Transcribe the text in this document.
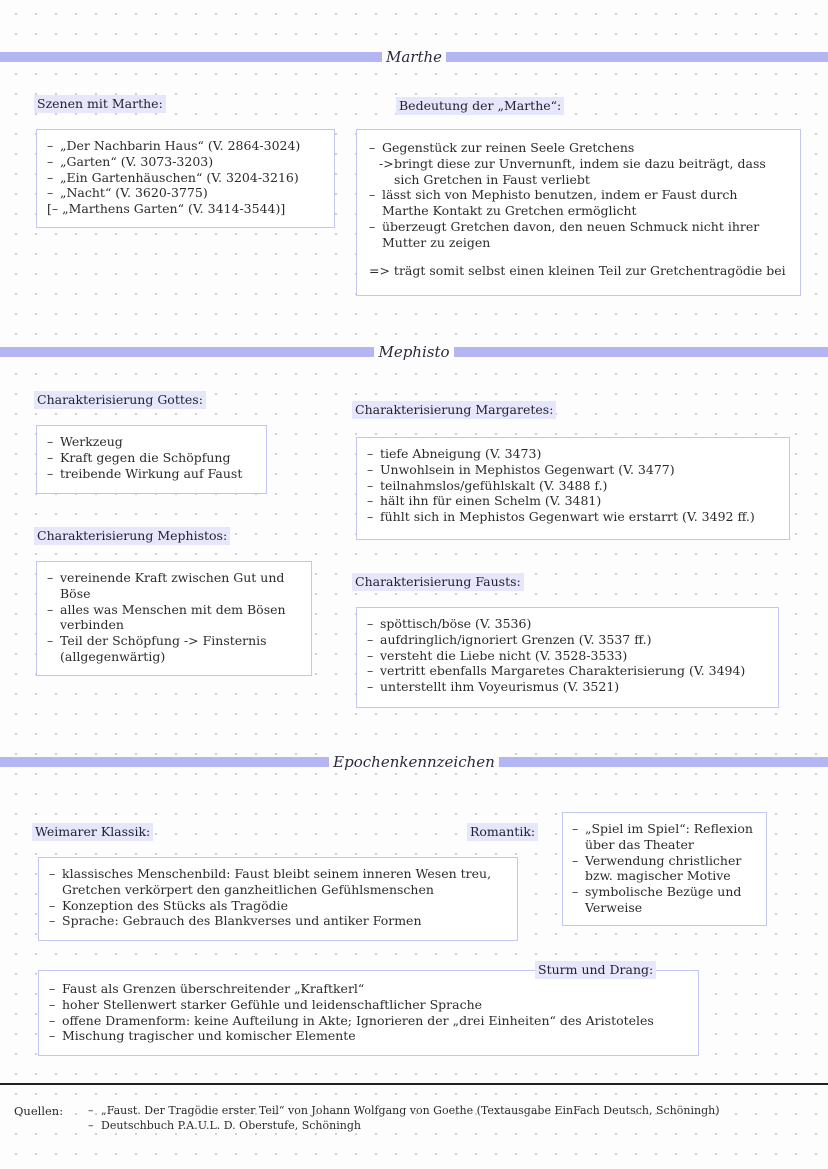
Marthe
Szenen mit Marthe:
– „Der Nachbarin Haus“ (V. 2864-3024)
– „Garten“ (V. 3073-3203)
– „Ein Gartenhäuschen“ (V. 3204-3216)
– „Nacht“ (V. 3620-3775)
[– „Marthens Garten“ (V. 3414-3544)]
Bedeutung der „Marthe“:
– Gegenstück zur reinen Seele Gretchens
-> bringt diese zur Unvernunft, indem sie dazu beiträgt, dass sich Gretchen in Faust verliebt
– lässt sich von Mephisto benutzen, indem er Faust durch Marthe Kontakt zu Gretchen ermöglicht
– überzeugt Gretchen davon, den neuen Schmuck nicht ihrer Mutter zu zeigen
=> trägt somit selbst einen kleinen Teil zur Gretchentragödie bei
Mephisto
Charakterisierung Gottes:
– Werkzeug
– Kraft gegen die Schöpfung
– treibende Wirkung auf Faust
Charakterisierung Mephistos:
– vereinende Kraft zwischen Gut und Böse
– alles was Menschen mit dem Bösen verbinden
– Teil der Schöpfung -> Finsternis (allgegenwärtig)
Charakterisierung Margaretes:
– tiefe Abneigung (V. 3473)
– Unwohlsein in Mephistos Gegenwart (V. 3477)
– teilnahmslos/gefühlskalt (V. 3488 f.)
– hält ihn für einen Schelm (V. 3481)
– fühlt sich in Mephistos Gegenwart wie erstarrt (V. 3492 ff.)
Charakterisierung Fausts:
– spöttisch/böse (V. 3536)
– aufdringlich/ignoriert Grenzen (V. 3537 ff.)
– versteht die Liebe nicht (V. 3528-3533)
– vertritt ebenfalls Margaretes Charakterisierung (V. 3494)
– unterstellt ihm Voyeurismus (V. 3521)
Epochenkennzeichen
Weimarer Klassik:
– klassisches Menschenbild: Faust bleibt seinem inneren Wesen treu, Gretchen verkörpert den ganzheitlichen Gefühlsmenschen
– Konzeption des Stücks als Tragödie
– Sprache: Gebrauch des Blankverses und antiker Formen
Romantik:	– „Spiel im Spiel“: Reflexion über das Theater
– Verwendung christlicher bzw. magischer Motive
– symbolische Bezüge und Verweise
– Faust als Grenzen überschreitender „Kraftkerl“
– hoher Stellenwert starker Gefühle und leidenschaftlicher Sprache
– offene Dramenform: keine Aufteilung in Akte; Ignorieren der „drei Einheiten“ des Aristoteles
– Mischung tragischer und komischer Elemente
Sturm und Drang:
Quellen:	– „Faust. Der Tragödie erster Teil“ von Johann Wolfgang von Goethe (Textausgabe EinFach Deutsch, Schöningh)
– Deutschbuch P.A.U.L. D. Oberstufe, Schöningh
